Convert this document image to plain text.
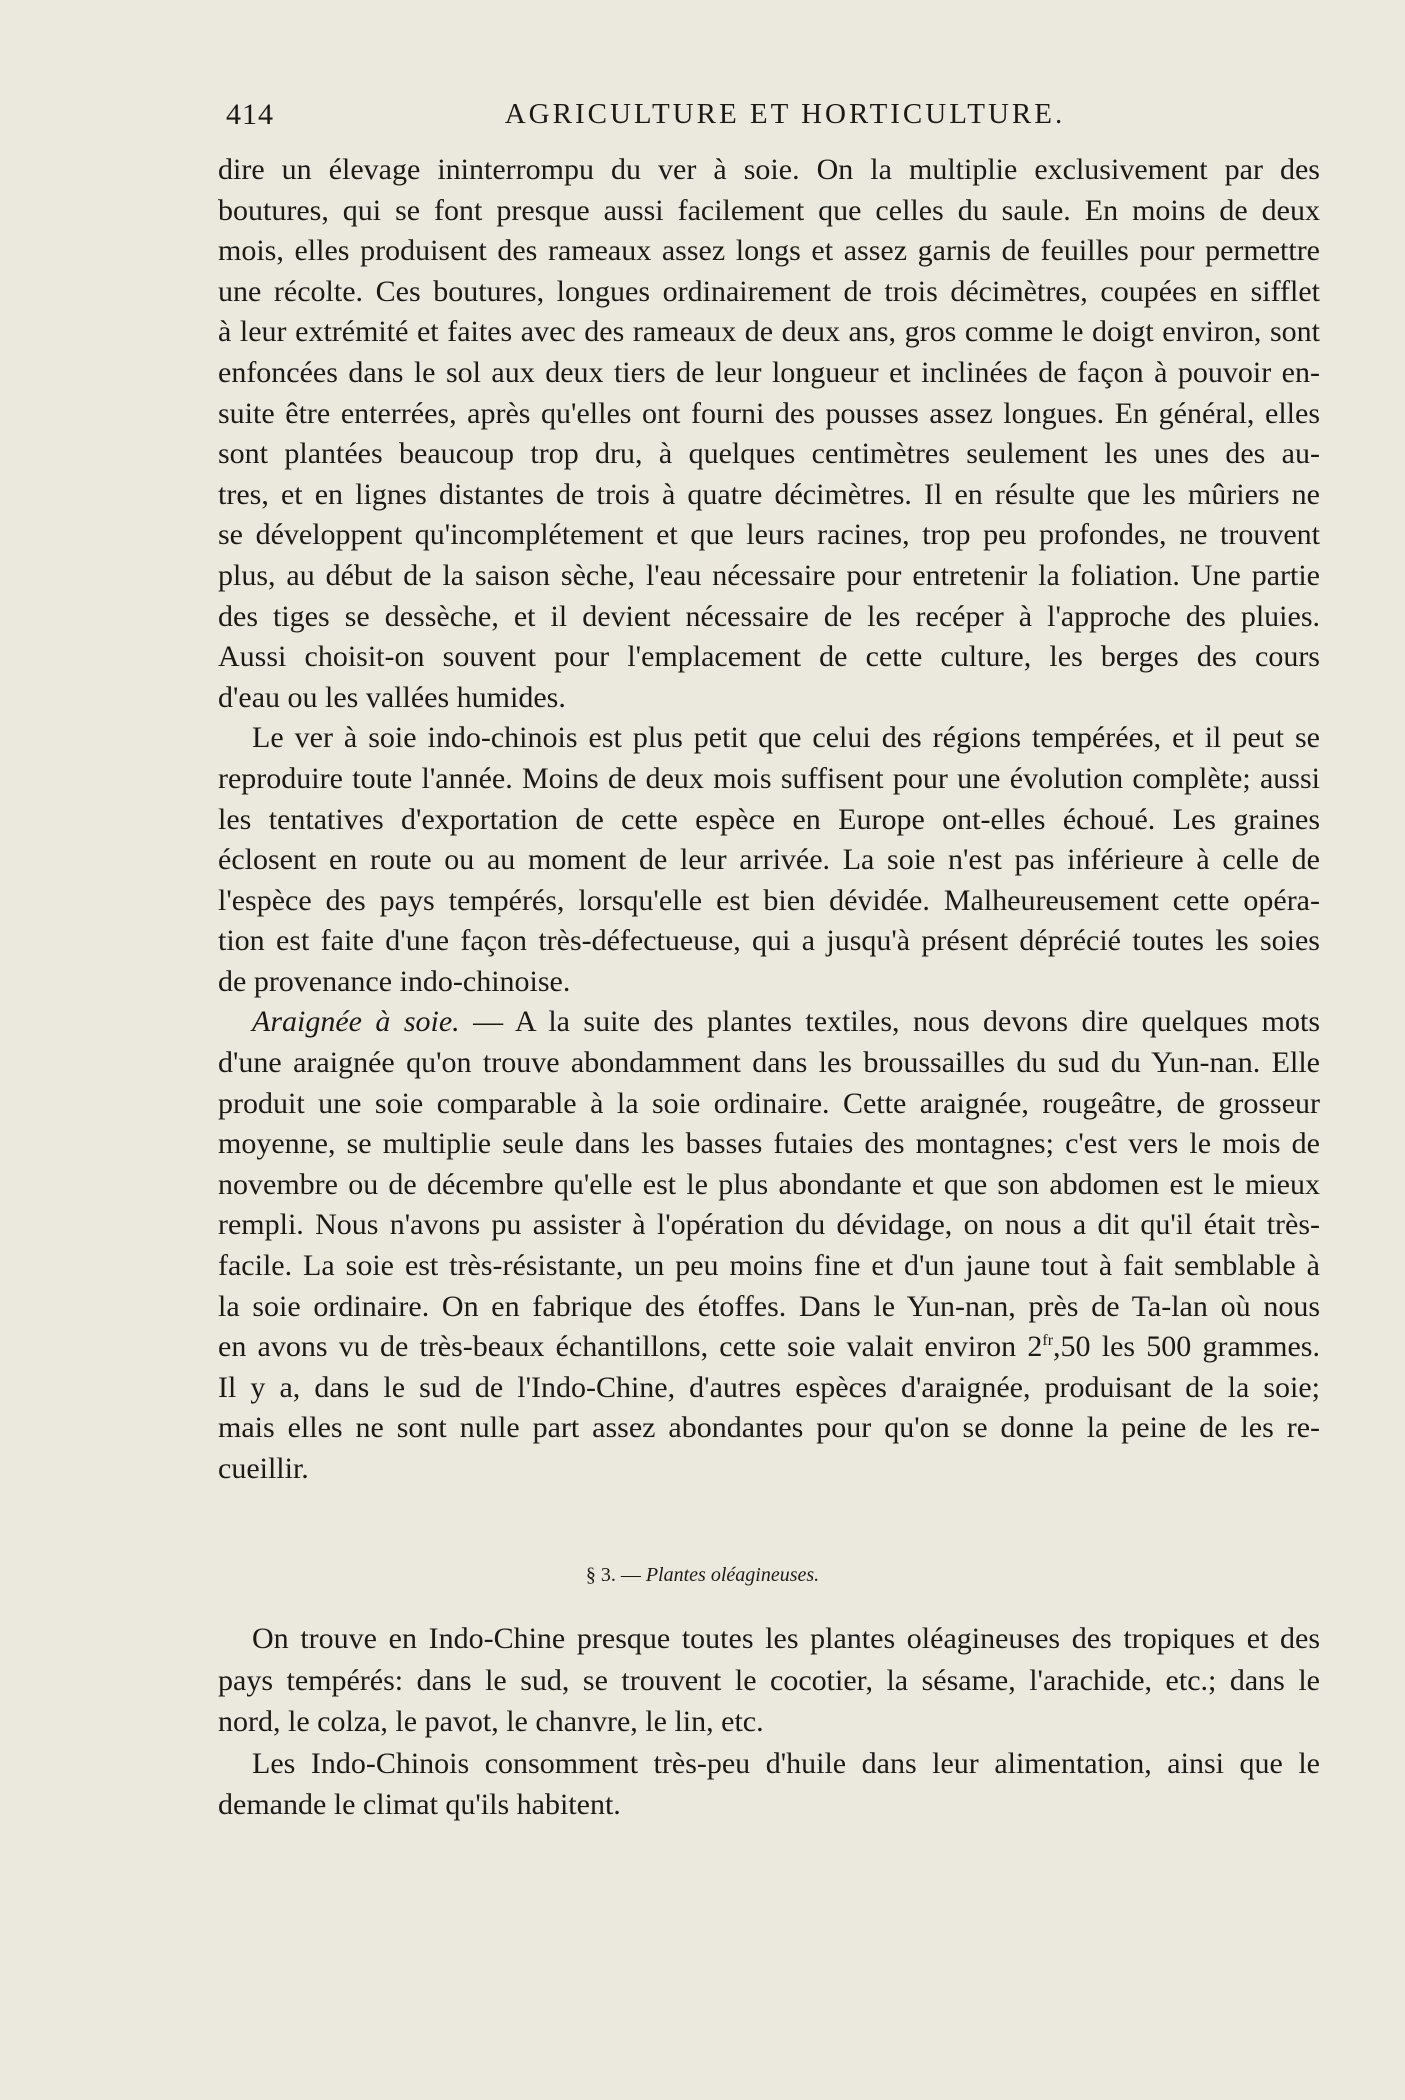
414	AGRICULTURE ET HORTICULTURE.
dire un élevage ininterrompu du ver à soie. On la multiplie exclusivement par des
boutures, qui se font presque aussi facilement que celles du saule. En moins de deux
mois, elles produisent des rameaux assez longs et assez garnis de feuilles pour permettre
une récolte. Ces boutures, longues ordinairement de trois décimètres, coupées en sifflet
à leur extrémité et faites avec des rameaux de deux ans, gros comme le doigt environ, sont
enfoncées dans le sol aux deux tiers de leur longueur et inclinées de façon à pouvoir en-
suite être enterrées, après qu'elles ont fourni des pousses assez longues. En général, elles
sont plantées beaucoup trop dru, à quelques centimètres seulement les unes des au-
tres, et en lignes distantes de trois à quatre décimètres. Il en résulte que les mûriers ne
se développent qu'incomplétement et que leurs racines, trop peu profondes, ne trouvent
plus, au début de la saison sèche, l'eau nécessaire pour entretenir la foliation. Une partie
des tiges se dessèche, et il devient nécessaire de les recéper à l'approche des pluies.
Aussi choisit-on souvent pour l'emplacement de cette culture, les berges des cours
d'eau ou les vallées humides.
Le ver à soie indo-chinois est plus petit que celui des régions tempérées, et il peut se
reproduire toute l'année. Moins de deux mois suffisent pour une évolution complète; aussi
les tentatives d'exportation de cette espèce en Europe ont-elles échoué. Les graines
éclosent en route ou au moment de leur arrivée. La soie n'est pas inférieure à celle de
l'espèce des pays tempérés, lorsqu'elle est bien dévidée. Malheureusement cette opéra-
tion est faite d'une façon très-défectueuse, qui a jusqu'à présent déprécié toutes les soies
de provenance indo-chinoise.
Araignée à soie. — A la suite des plantes textiles, nous devons dire quelques mots
d'une araignée qu'on trouve abondamment dans les broussailles du sud du Yun-nan. Elle
produit une soie comparable à la soie ordinaire. Cette araignée, rougeâtre, de grosseur
moyenne, se multiplie seule dans les basses futaies des montagnes; c'est vers le mois de
novembre ou de décembre qu'elle est le plus abondante et que son abdomen est le mieux
rempli. Nous n'avons pu assister à l'opération du dévidage, on nous a dit qu'il était très-
facile. La soie est très-résistante, un peu moins fine et d'un jaune tout à fait semblable à
la soie ordinaire. On en fabrique des étoffes. Dans le Yun-nan, près de Ta-lan où nous
en avons vu de très-beaux échantillons, cette soie valait environ $2^{fr},50$ les 500 grammes.
Il y a, dans le sud de l'Indo-Chine, d'autres espèces d'araignée, produisant de la soie;
mais elles ne sont nulle part assez abondantes pour qu'on se donne la peine de les re-
cueillir.
§ 3. — Plantes oléagineuses.
On trouve en Indo-Chine presque toutes les plantes oléagineuses des tropiques et des
pays tempérés: dans le sud, se trouvent le cocotier, la sésame, l'arachide, etc.; dans le
nord, le colza, le pavot, le chanvre, le lin, etc.
Les Indo-Chinois consomment très-peu d'huile dans leur alimentation, ainsi que le
demande le climat qu'ils habitent.
